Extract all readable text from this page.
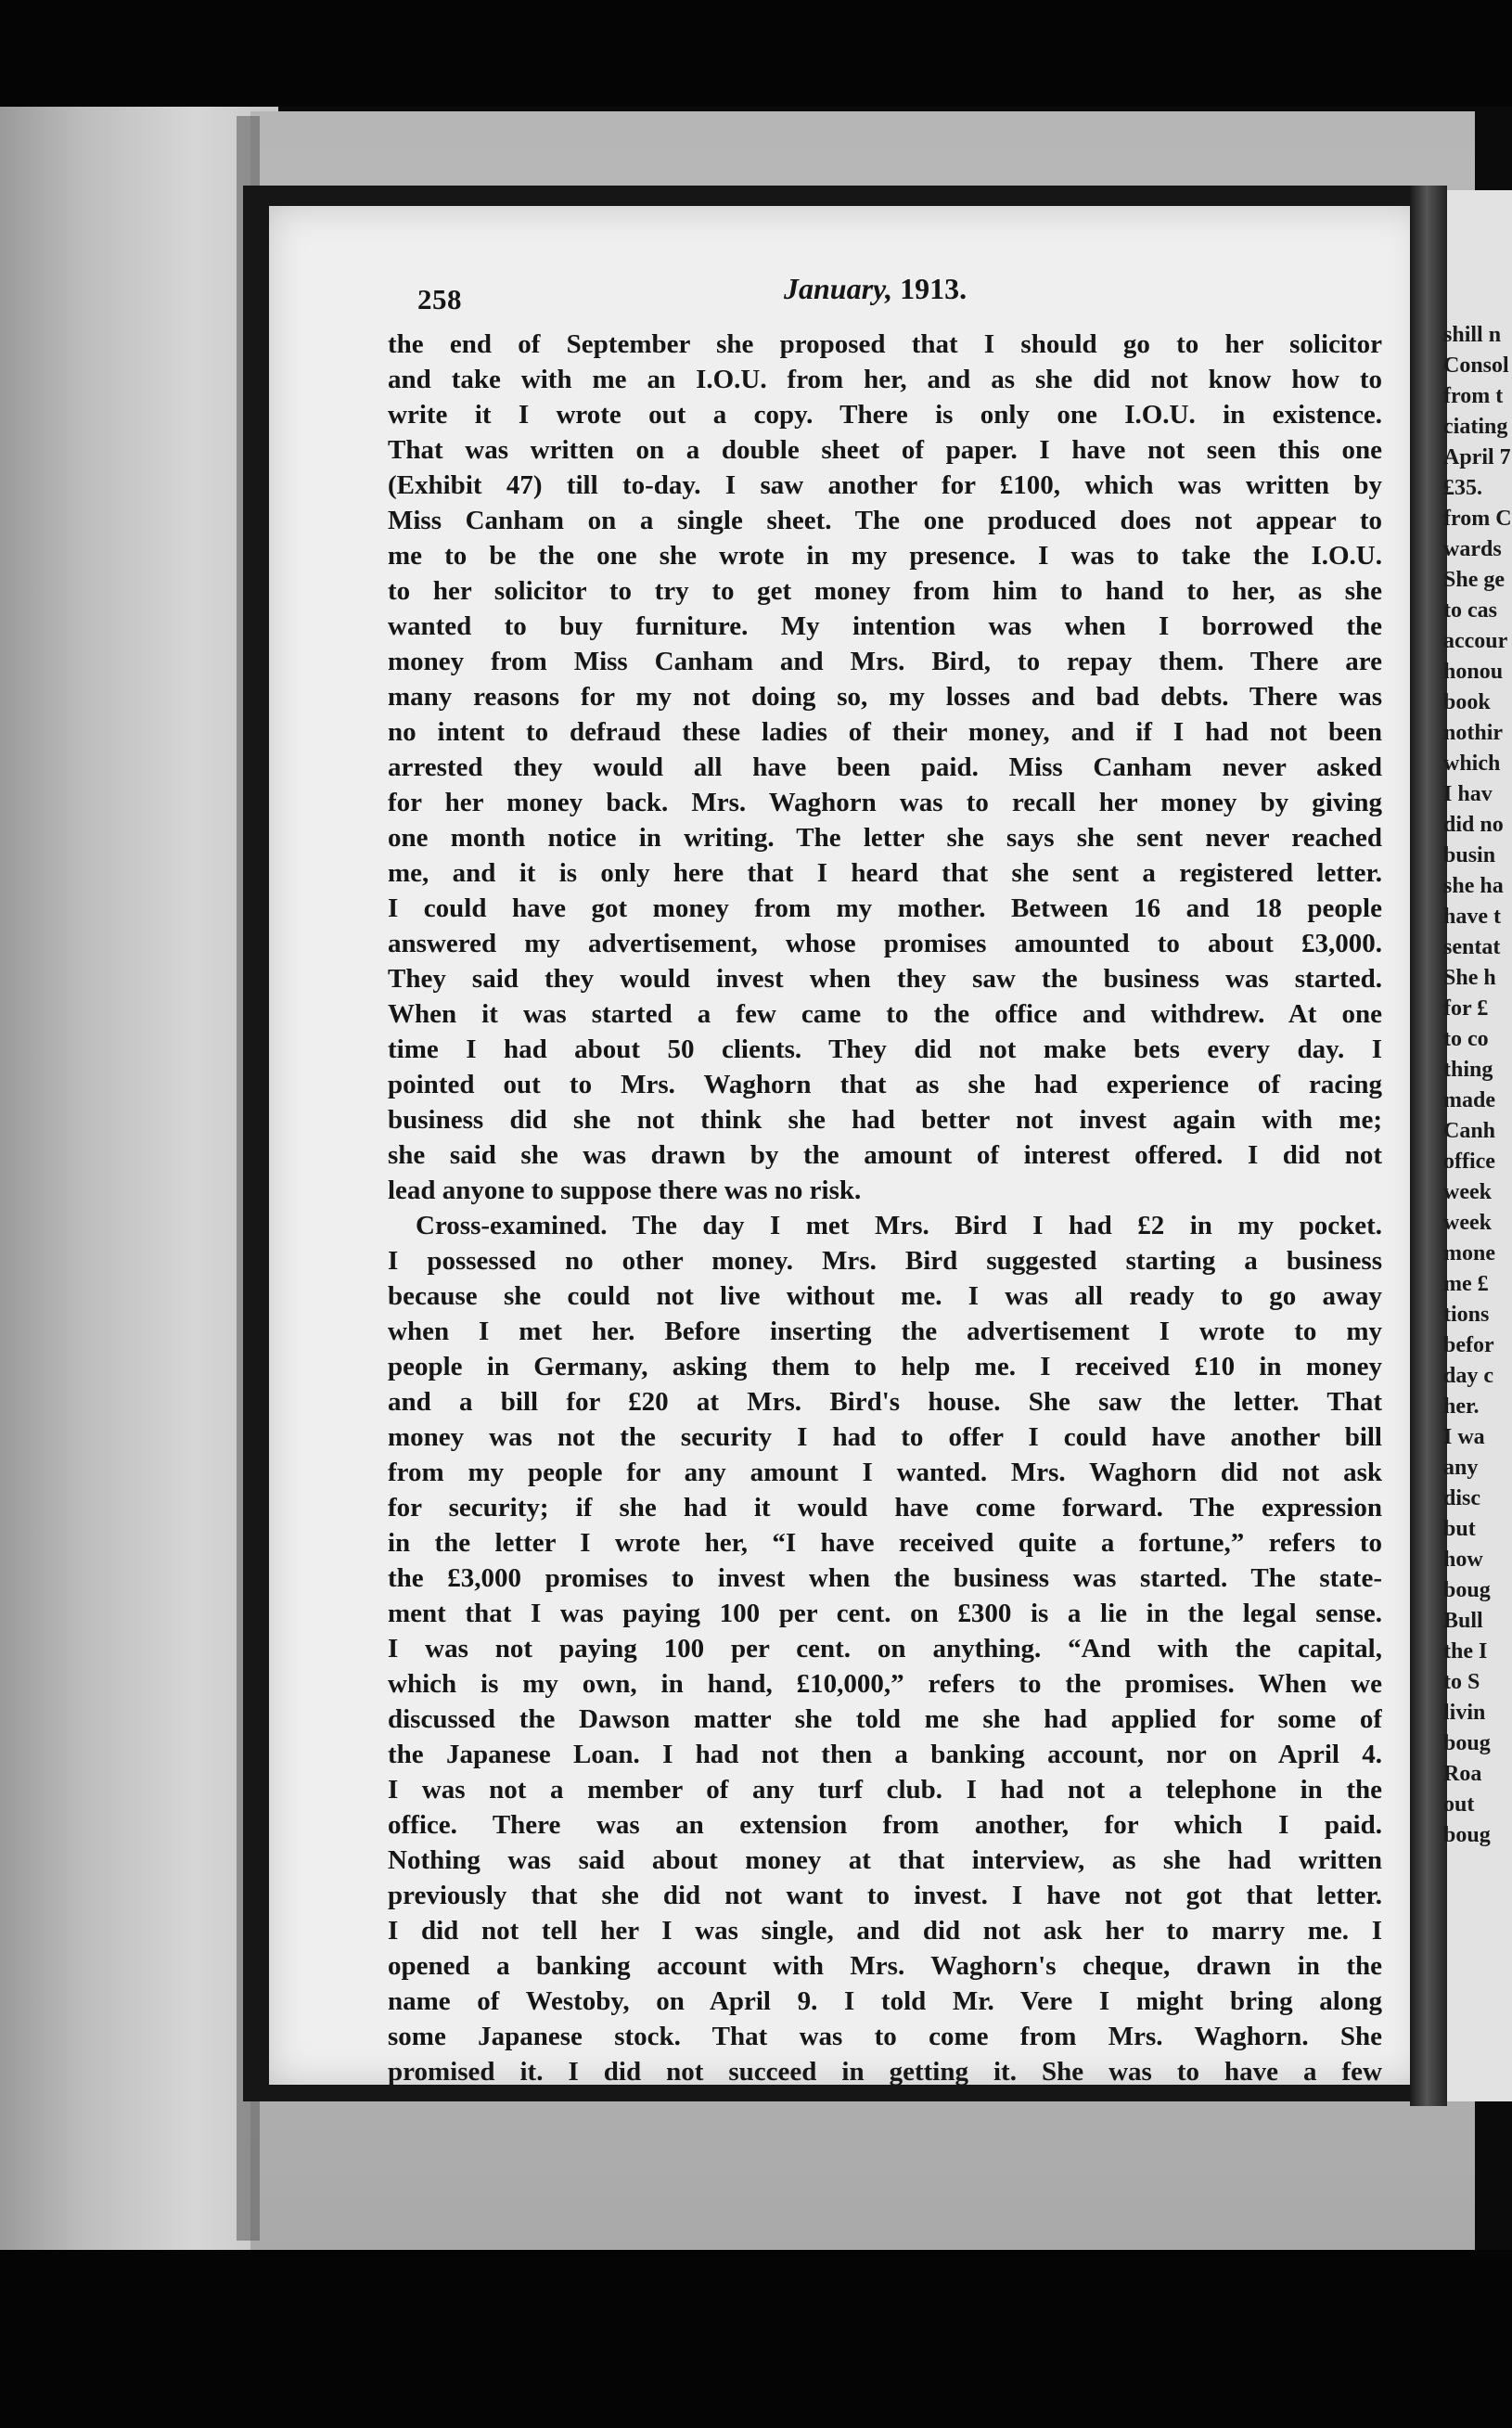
258	January, 1913.
the end of September she proposed that I should go to her solicitor
and take with me an I.O.U. from her, and as she did not know how to
write it I wrote out a copy. There is only one I.O.U. in existence.
That was written on a double sheet of paper. I have not seen this one
(Exhibit 47) till to-day. I saw another for £100, which was written by
Miss Canham on a single sheet. The one produced does not appear to
me to be the one she wrote in my presence. I was to take the I.O.U.
to her solicitor to try to get money from him to hand to her, as she
wanted to buy furniture. My intention was when I borrowed the
money from Miss Canham and Mrs. Bird, to repay them. There are
many reasons for my not doing so, my losses and bad debts. There was
no intent to defraud these ladies of their money, and if I had not been
arrested they would all have been paid. Miss Canham never asked
for her money back. Mrs. Waghorn was to recall her money by giving
one month notice in writing. The letter she says she sent never reached
me, and it is only here that I heard that she sent a registered letter.
I could have got money from my mother. Between 16 and 18 people
answered my advertisement, whose promises amounted to about £3,000.
They said they would invest when they saw the business was started.
When it was started a few came to the office and withdrew. At one
time I had about 50 clients. They did not make bets every day. I
pointed out to Mrs. Waghorn that as she had experience of racing
business did she not think she had better not invest again with me;
she said she was drawn by the amount of interest offered. I did not
lead anyone to suppose there was no risk.
Cross-examined. The day I met Mrs. Bird I had £2 in my pocket.
I possessed no other money. Mrs. Bird suggested starting a business
because she could not live without me. I was all ready to go away
when I met her. Before inserting the advertisement I wrote to my
people in Germany, asking them to help me. I received £10 in money
and a bill for £20 at Mrs. Bird's house. She saw the letter. That
money was not the security I had to offer I could have another bill
from my people for any amount I wanted. Mrs. Waghorn did not ask
for security; if she had it would have come forward. The expression
in the letter I wrote her, “I have received quite a fortune,” refers to
the £3,000 promises to invest when the business was started. The state-
ment that I was paying 100 per cent. on £300 is a lie in the legal sense.
I was not paying 100 per cent. on anything. “And with the capital,
which is my own, in hand, £10,000,” refers to the promises. When we
discussed the Dawson matter she told me she had applied for some of
the Japanese Loan. I had not then a banking account, nor on April 4.
I was not a member of any turf club. I had not a telephone in the
office. There was an extension from another, for which I paid.
Nothing was said about money at that interview, as she had written
previously that she did not want to invest. I have not got that letter.
I did not tell her I was single, and did not ask her to marry me. I
opened a banking account with Mrs. Waghorn's cheque, drawn in the
name of Westoby, on April 9. I told Mr. Vere I might bring along
some Japanese stock. That was to come from Mrs. Waghorn. She
promised it. I did not succeed in getting it. She was to have a few
shill n
Consol
from t
ciating
April 7
£35.
from C
wards
She ge
to cas
accour
honou
book
nothir
which
I hav
did no
busin
she ha
have t
sentat
She h
for £
to co
thing
made
Canh
office
week
week
mone
me £
tions
befor
day c
her.
I wa
any
disc
but
how
boug
Bull
the I
to S
livin
boug
Roa
out
boug
